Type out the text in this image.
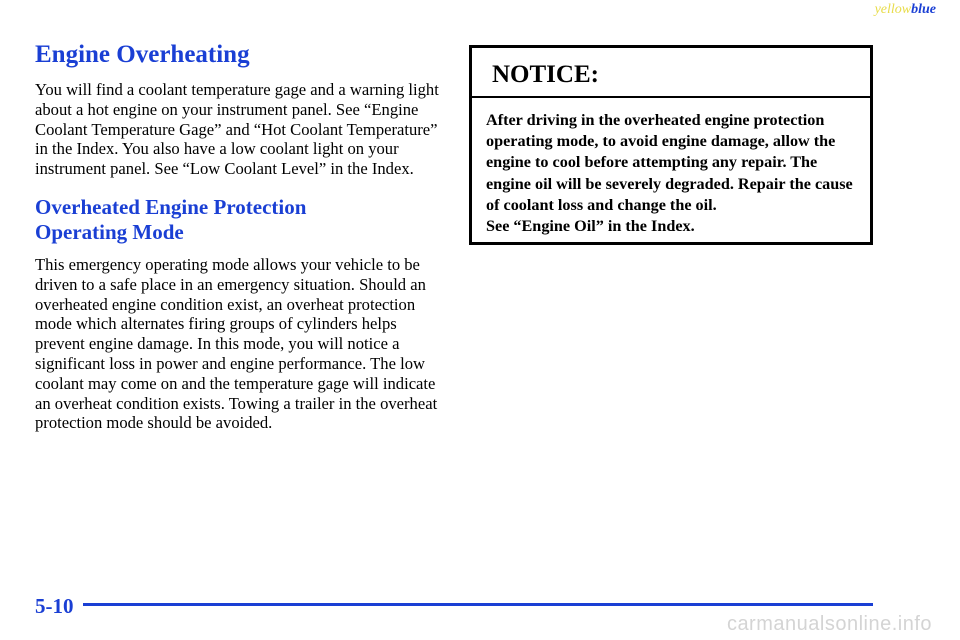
yellowblue
Engine Overheating

You will find a coolant temperature gage and a warning light about a hot engine on your instrument panel. See “Engine Coolant Temperature Gage” and “Hot Coolant Temperature” in the Index. You also have a low coolant light on your instrument panel. See “Low Coolant Level” in the Index.

Overheated Engine Protection
Operating Mode

This emergency operating mode allows your vehicle to be driven to a safe place in an emergency situation. Should an overheated engine condition exist, an overheat protection mode which alternates firing groups of cylinders helps prevent engine damage. In this mode, you will notice a significant loss in power and engine performance. The low coolant may come on and the temperature gage will indicate an overheat condition exists. Towing a trailer in the overheat protection mode should be avoided.

NOTICE:
After driving in the overheated engine protection operating mode, to avoid engine damage, allow the engine to cool before attempting any repair. The engine oil will be severely degraded. Repair the cause of coolant loss and change the oil.
See “Engine Oil” in the Index.
5-10
carmanualsonline.info
